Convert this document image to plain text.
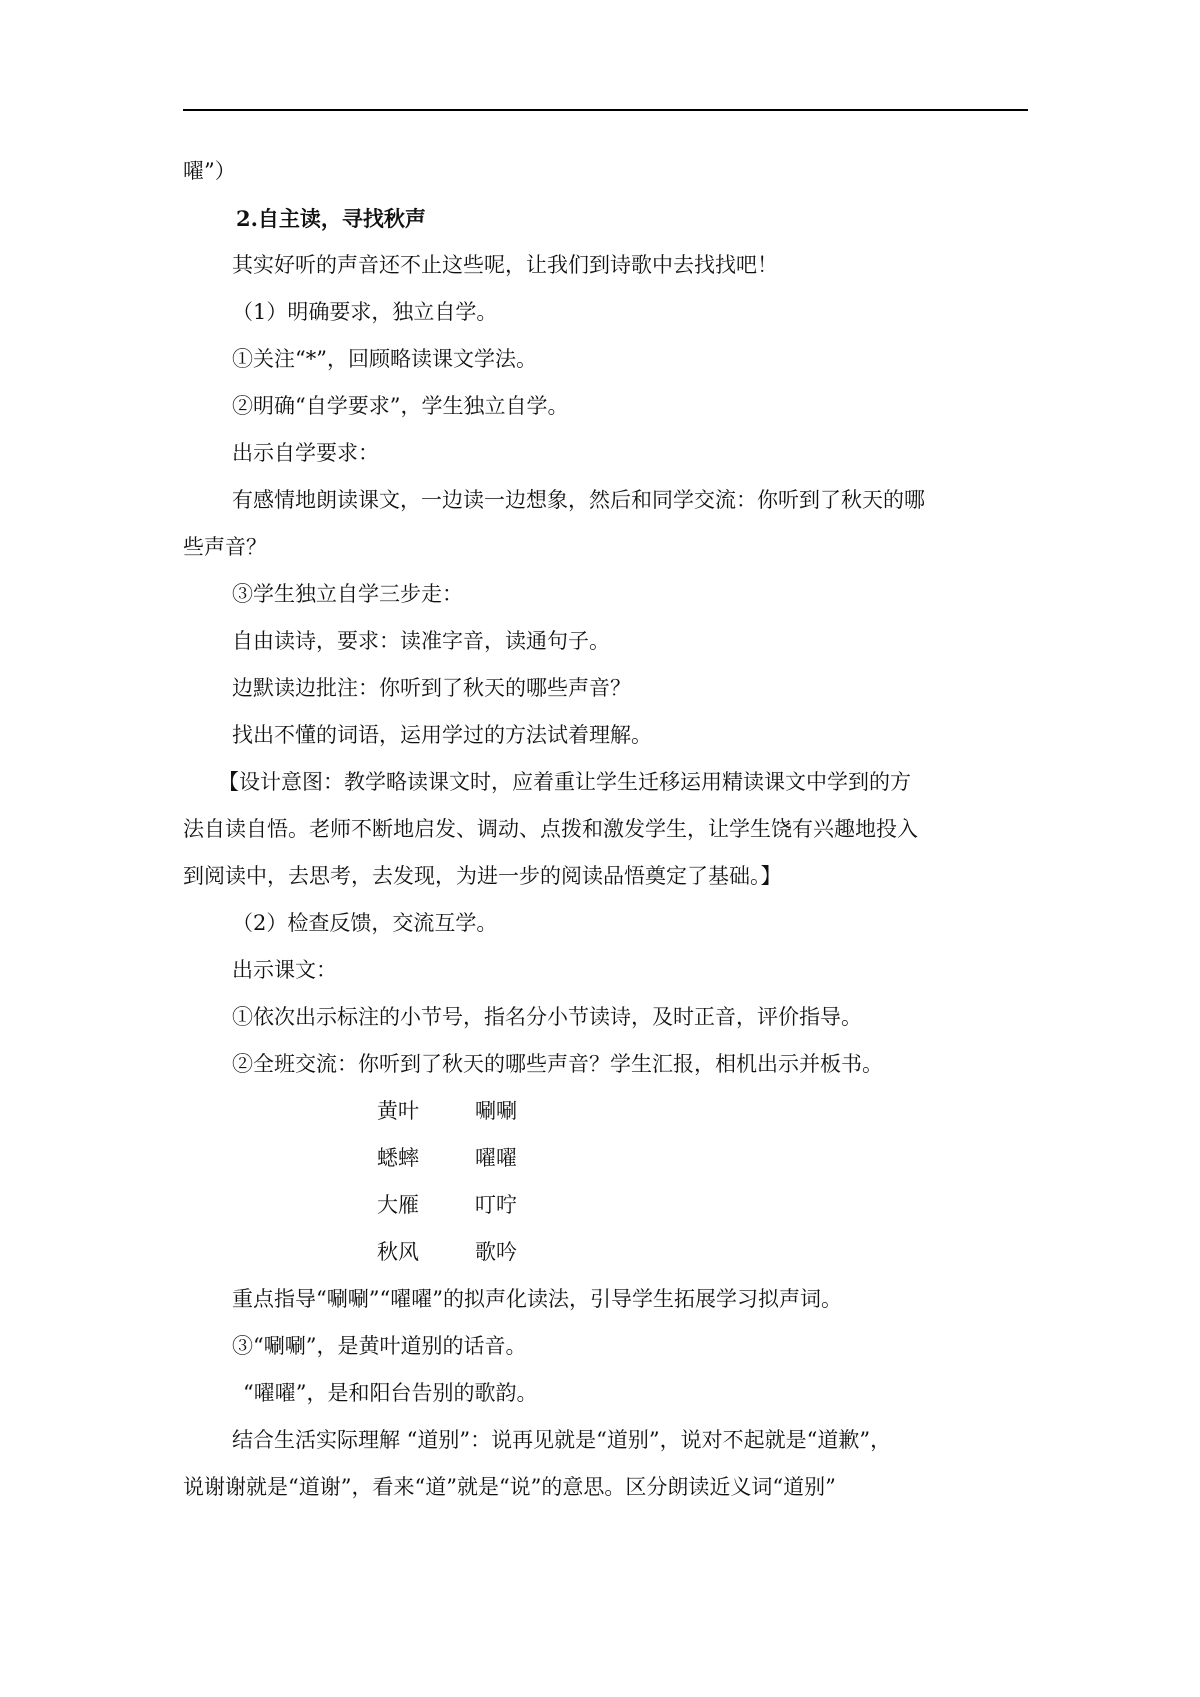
嚁”）
2.自主读，寻找秋声
其实好听的声音还不止这些呢，让我们到诗歌中去找找吧！
（1）明确要求，独立自学。
①关注“*”，回顾略读课文学法。
②明确“自学要求”，学生独立自学。
出示自学要求：
有感情地朗读课文，一边读一边想象，然后和同学交流：你听到了秋天的哪
些声音？
③学生独立自学三步走：
自由读诗，要求：读准字音，读通句子。
边默读边批注：你听到了秋天的哪些声音？
找出不懂的词语，运用学过的方法试着理解。
【设计意图：教学略读课文时，应着重让学生迁移运用精读课文中学到的方
法自读自悟。老师不断地启发、调动、点拨和激发学生，让学生饶有兴趣地投入
到阅读中，去思考，去发现，为进一步的阅读品悟奠定了基础。】
（2）检查反馈，交流互学。
出示课文：
①依次出示标注的小节号，指名分小节读诗，及时正音，评价指导。
②全班交流：你听到了秋天的哪些声音？学生汇报，相机出示并板书。
黄叶	唰唰
蟋蟀	嚁嚁
大雁	叮咛
秋风	歌吟
重点指导“唰唰”“嚁嚁”的拟声化读法，引导学生拓展学习拟声词。
③“唰唰”，是黄叶道别的话音。
“嚁嚁”，是和阳台告别的歌韵。
结合生活实际理解 “道别”：说再见就是“道别”，说对不起就是“道歉”，
说谢谢就是“道谢”，看来“道”就是“说”的意思。区分朗读近义词“道别”
